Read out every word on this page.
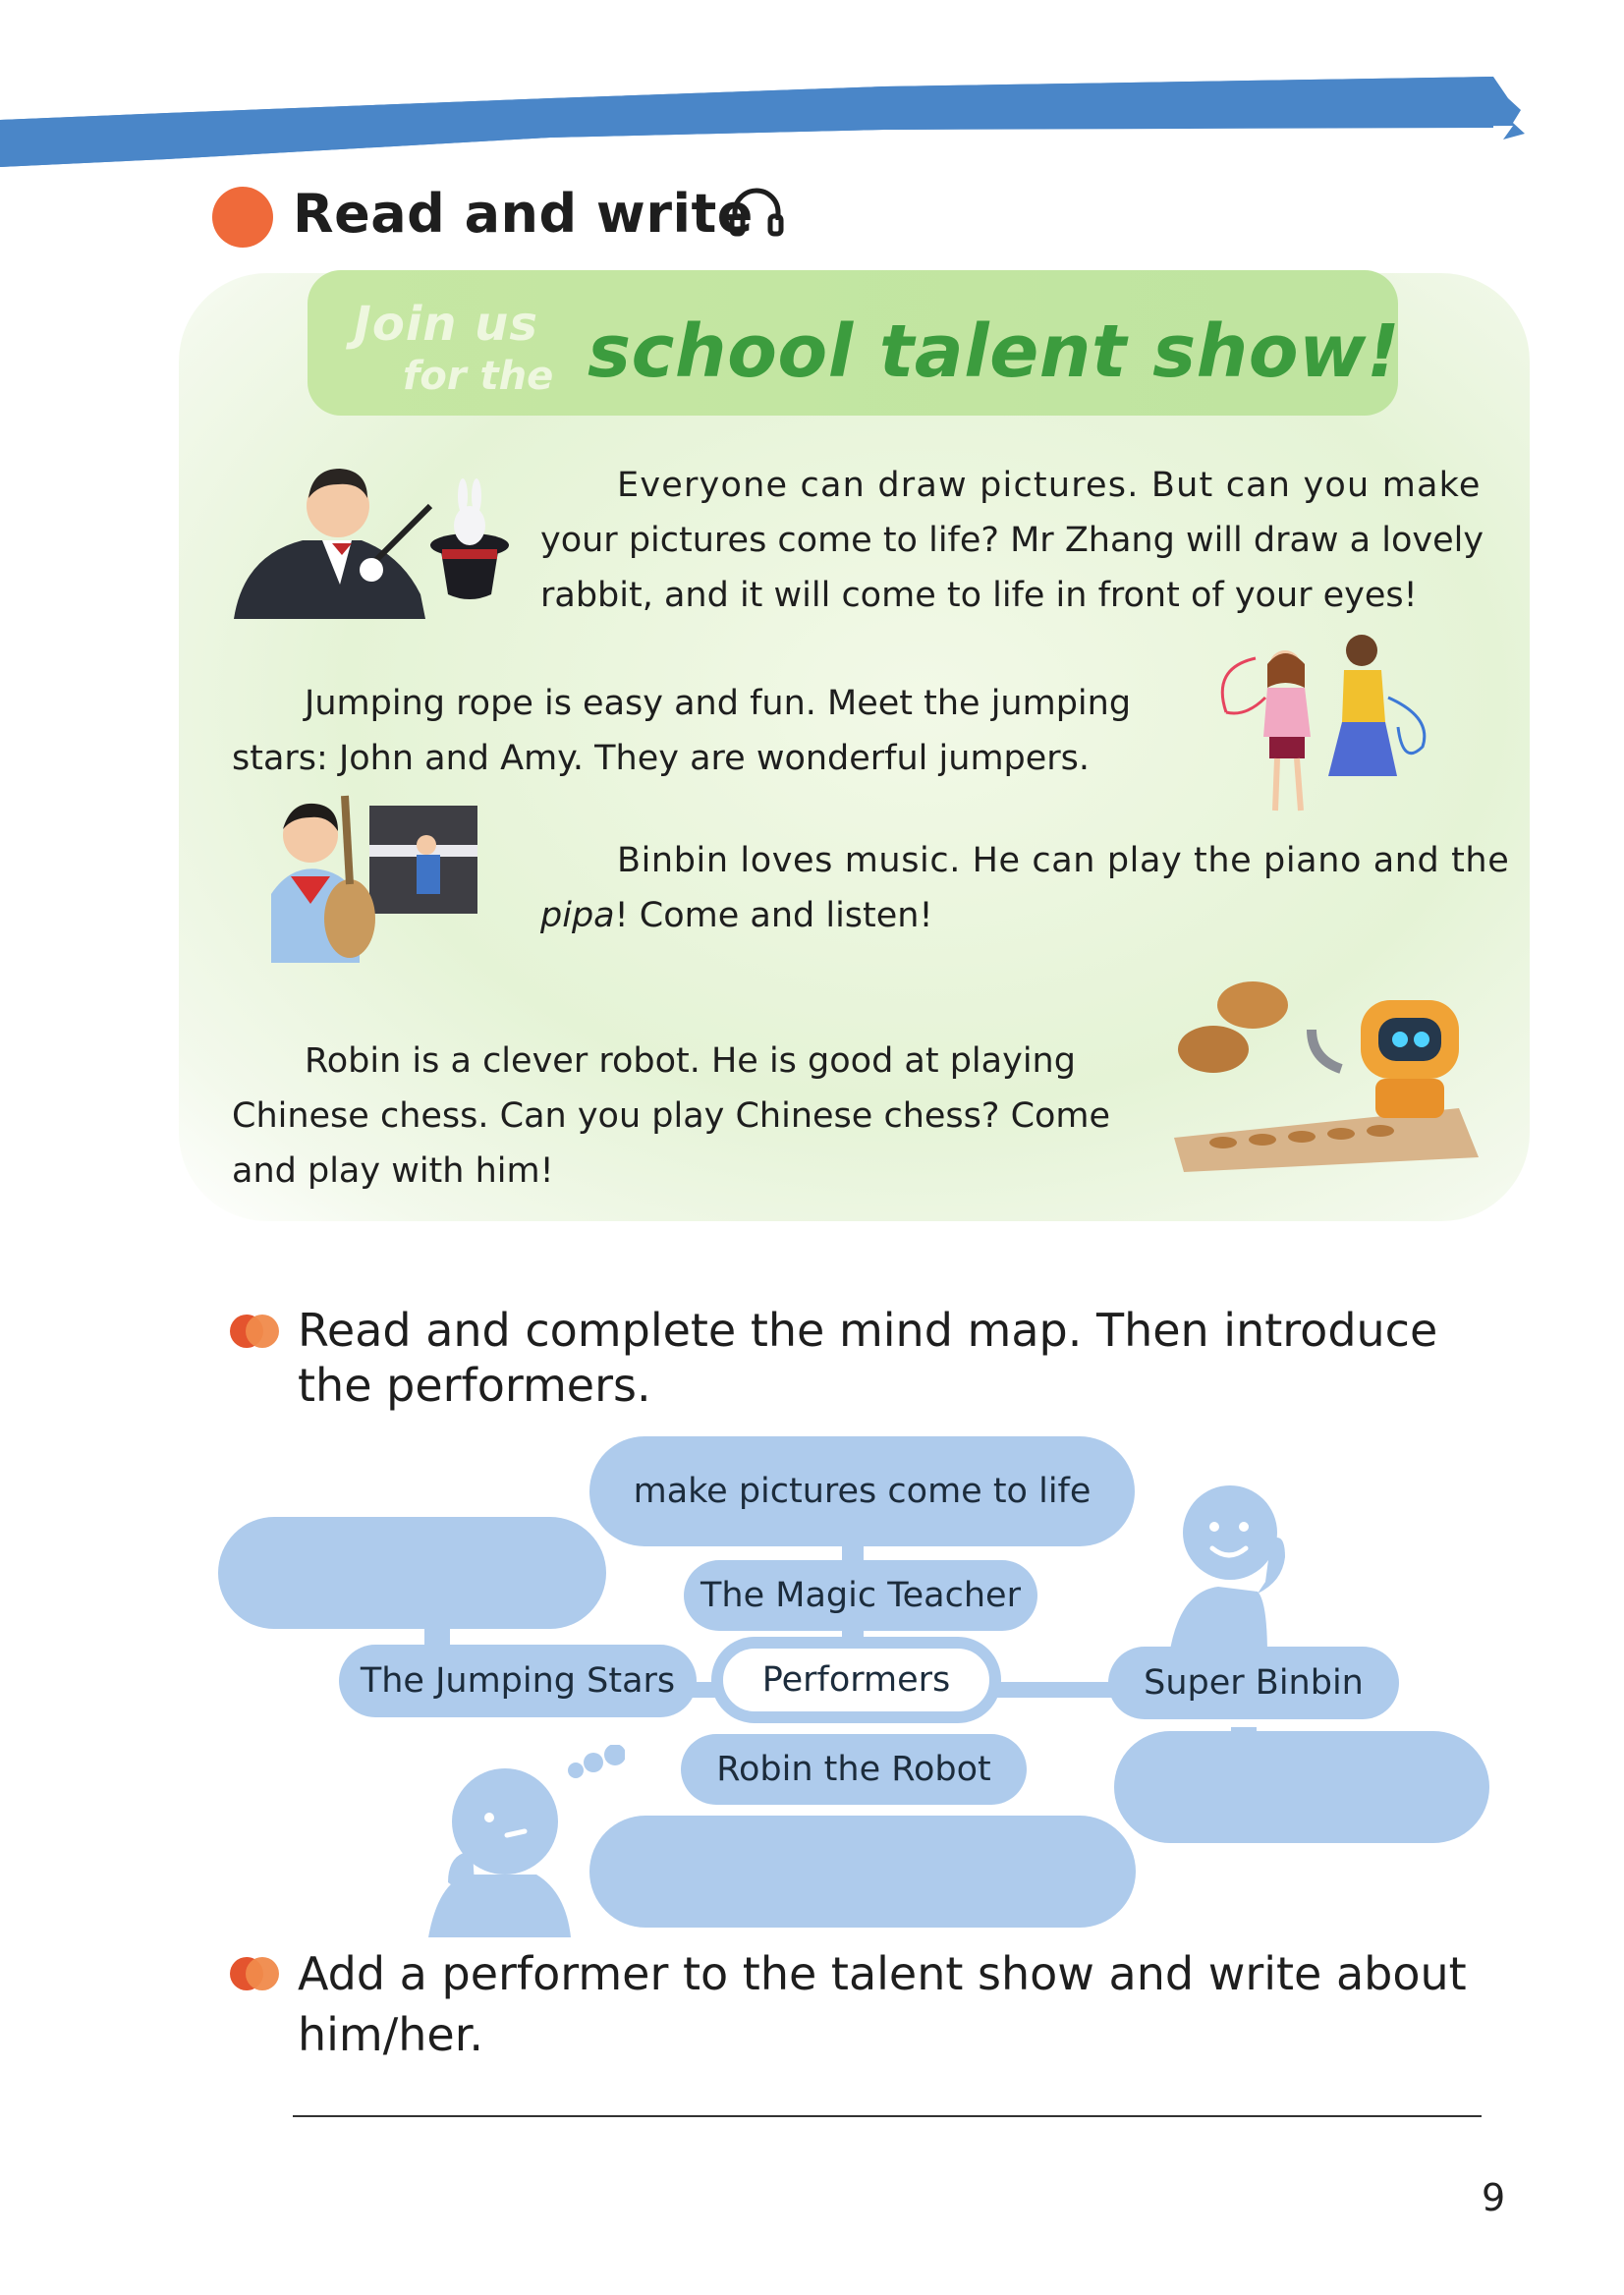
Read and write
Join us
for the school talent show!
Everyone can draw pictures. But can you make
your pictures come to life? Mr Zhang will draw a lovely
rabbit, and it will come to life in front of your eyes!
Jumping rope is easy and fun. Meet the jumping
stars: John and Amy. They are wonderful jumpers.
Binbin loves music. He can play the piano and the
pipa! Come and listen!
Robin is a clever robot. He is good at playing
Chinese chess. Can you play Chinese chess? Come
and play with him!
Read and complete the mind map. Then introduce
the performers.
make pictures come to life
The Magic Teacher
The Jumping Stars	Performers	Super Binbin
Robin the Robot
Add a performer to the talent show and write about
him/her.
9
